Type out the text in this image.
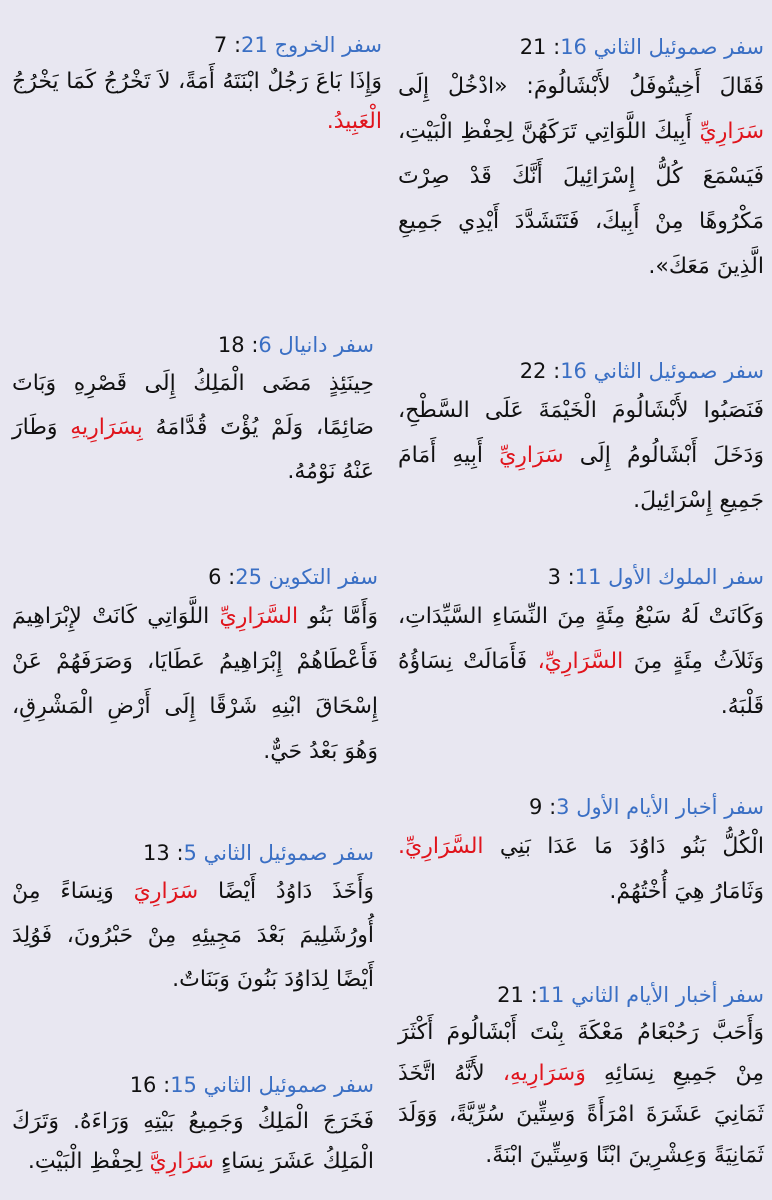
سفر صموئيل الثاني 16: 21

فَقَالَ أَخِيتُوفَلُ لأَبْشَالُومَ: «ادْخُلْ إِلَى سَرَارِيِّ أَبِيكَ اللَّوَاتِي تَرَكَهُنَّ لِحِفْظِ الْبَيْتِ، فَيَسْمَعَ كُلُّ إِسْرَائِيلَ أَنَّكَ قَدْ صِرْتَ مَكْرُوهًا مِنْ أَبِيكَ، فَتَتَشَدَّدَ أَيْدِي جَمِيعِ الَّذِينَ مَعَكَ».

سفر صموئيل الثاني 16: 22

فَنَصَبُوا لأَبْشَالُومَ الْخَيْمَةَ عَلَى السَّطْحِ، وَدَخَلَ أَبْشَالُومُ إِلَى سَرَارِيِّ أَبِيهِ أَمَامَ جَمِيعِ إِسْرَائِيلَ.

سفر الملوك الأول 11: 3

وَكَانَتْ لَهُ سَبْعُ مِئَةٍ مِنَ النِّسَاءِ السَّيِّدَاتِ، وَثَلاَثُ مِئَةٍ مِنَ السَّرَارِيِّ، فَأَمَالَتْ نِسَاؤُهُ قَلْبَهُ.

سفر أخبار الأيام الأول 3: 9

الْكُلُّ بَنُو دَاوُدَ مَا عَدَا بَنِي السَّرَارِيِّ. وَثَامَارُ هِيَ أُخْتُهُمْ.

سفر أخبار الأيام الثاني 11: 21

وَأَحَبَّ رَحُبْعَامُ مَعْكَةَ بِنْتَ أَبْشَالُومَ أَكْثَرَ مِنْ جَمِيعِ نِسَائِهِ وَسَرَارِيهِ، لأَنَّهُ اتَّخَذَ ثَمَانِيَ عَشَرَةَ امْرَأَةً وَسِتِّينَ سُرِّيَّةً، وَوَلَدَ ثَمَانِيَةً وَعِشْرِينَ ابْنًا وَسِتِّينَ ابْنَةً.

سفر الخروج 21: 7

وَإِذَا بَاعَ رَجُلٌ ابْنَتَهُ أَمَةً، لاَ تَخْرُجُ كَمَا يَخْرُجُ الْعَبِيدُ.

سفر دانيال 6: 18

حِينَئِذٍ مَضَى الْمَلِكُ إِلَى قَصْرِهِ وَبَاتَ صَائِمًا، وَلَمْ يُؤْتَ قُدَّامَهُ بِسَرَارِيهِ وَطَارَ عَنْهُ نَوْمُهُ.

سفر التكوين 25: 6

وَأَمَّا بَنُو السَّرَارِيِّ اللَّوَاتِي كَانَتْ لإِبْرَاهِيمَ فَأَعْطَاهُمْ إِبْرَاهِيمُ عَطَايَا، وَصَرَفَهُمْ عَنْ إِسْحَاقَ ابْنِهِ شَرْقًا إِلَى أَرْضِ الْمَشْرِقِ، وَهُوَ بَعْدُ حَيٌّ.

سفر صموئيل الثاني 5: 13

وَأَخَذَ دَاوُدُ أَيْضًا سَرَارِيَ وَنِسَاءً مِنْ أُورُشَلِيمَ بَعْدَ مَجِيئِهِ مِنْ حَبْرُونَ، فَوُلِدَ أَيْضًا لِدَاوُدَ بَنُونَ وَبَنَاتٌ.

سفر صموئيل الثاني 15: 16

فَخَرَجَ الْمَلِكُ وَجَمِيعُ بَيْتِهِ وَرَاءَهُ. وَتَرَكَ الْمَلِكُ عَشَرَ نِسَاءٍ سَرَارِيَّ لِحِفْظِ الْبَيْتِ.
